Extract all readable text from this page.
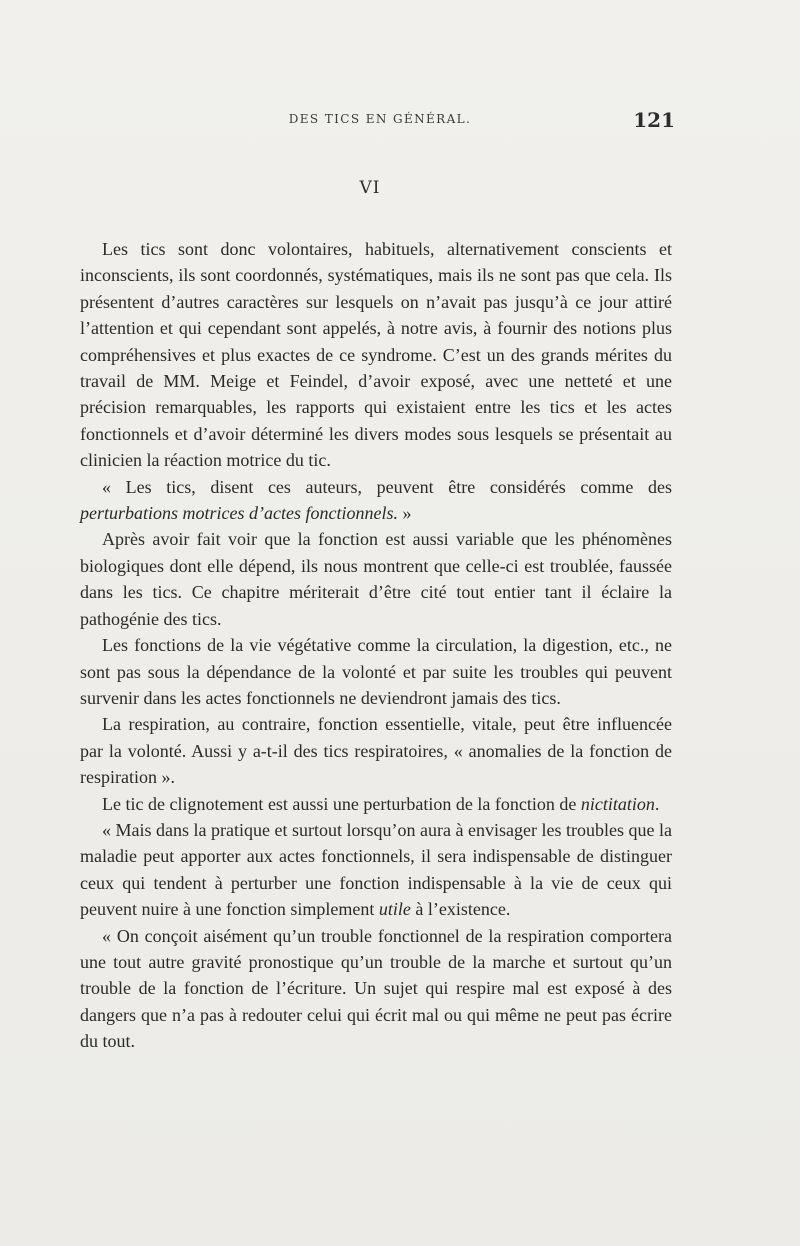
DES TICS EN GÉNÉRAL.	121
VI

Les tics sont donc volontaires, habituels, alternativement conscients et inconscients, ils sont coordonnés, systématiques, mais ils ne sont pas que cela. Ils présentent d’autres caractères sur lesquels on n’avait pas jusqu’à ce jour attiré l’attention et qui cependant sont appelés, à notre avis, à fournir des notions plus compréhensives et plus exactes de ce syndrome. C’est un des grands mérites du travail de MM. Meige et Feindel, d’avoir exposé, avec une netteté et une précision remarquables, les rapports qui existaient entre les tics et les actes fonctionnels et d’avoir déterminé les divers modes sous lesquels se présentait au clinicien la réaction motrice du tic.

« Les tics, disent ces auteurs, peuvent être considérés comme des perturbations motrices d’actes fonctionnels. »

Après avoir fait voir que la fonction est aussi variable que les phénomènes biologiques dont elle dépend, ils nous montrent que celle-ci est troublée, faussée dans les tics. Ce chapitre mériterait d’être cité tout entier tant il éclaire la pathogénie des tics.

Les fonctions de la vie végétative comme la circulation, la digestion, etc., ne sont pas sous la dépendance de la volonté et par suite les troubles qui peuvent survenir dans les actes fonctionnels ne deviendront jamais des tics.

La respiration, au contraire, fonction essentielle, vitale, peut être influencée par la volonté. Aussi y a-t-il des tics respiratoires, « anomalies de la fonction de respiration ».

Le tic de clignotement est aussi une perturbation de la fonction de nictitation.

« Mais dans la pratique et surtout lorsqu’on aura à envisager les troubles que la maladie peut apporter aux actes fonctionnels, il sera indispensable de distinguer ceux qui tendent à perturber une fonction indispensable à la vie de ceux qui peuvent nuire à une fonction simplement utile à l’existence.

« On conçoit aisément qu’un trouble fonctionnel de la respiration comportera une tout autre gravité pronostique qu’un trouble de la marche et surtout qu’un trouble de la fonction de l’écriture. Un sujet qui respire mal est exposé à des dangers que n’a pas à redouter celui qui écrit mal ou qui même ne peut pas écrire du tout.
